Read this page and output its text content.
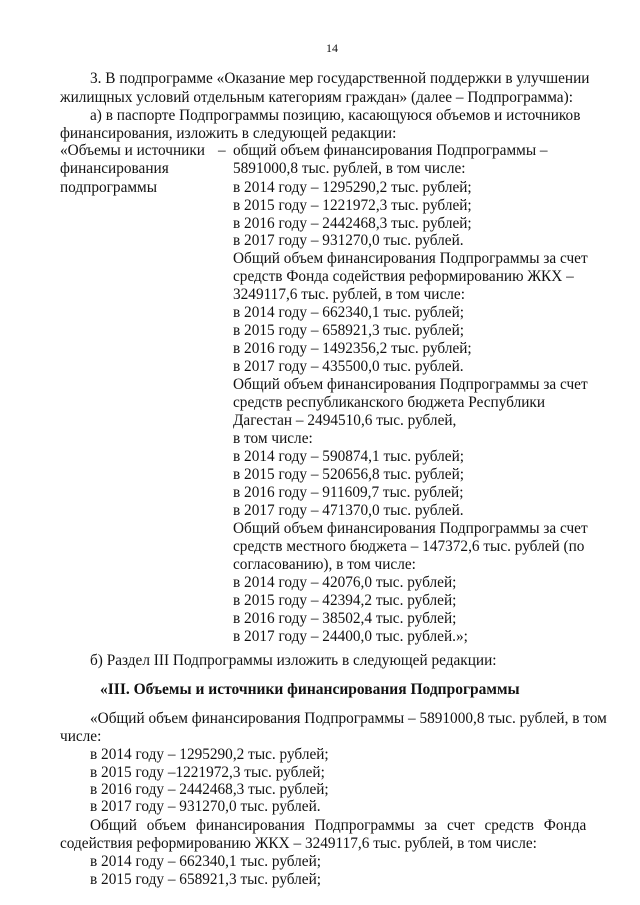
14
3. В подпрограмме «Оказание мер государственной поддержки в улучшении
жилищных условий отдельным категориям граждан» (далее – Подпрограмма):
а) в паспорте Подпрограммы позицию, касающуюся объемов и источников
финансирования, изложить в следующей редакции:
«Объемы и источники
финансирования
подпрограммы
– общий объем финансирования Подпрограммы –
5891000,8 тыс. рублей, в том числе:
в 2014 году – 1295290,2 тыс. рублей;
в 2015 году – 1221972,3 тыс. рублей;
в 2016 году – 2442468,3 тыс. рублей;
в 2017 году – 931270,0 тыс. рублей.
Общий объем финансирования Подпрограммы за счет
средств Фонда содействия реформированию ЖКХ –
3249117,6 тыс. рублей, в том числе:
в 2014 году – 662340,1 тыс. рублей;
в 2015 году – 658921,3 тыс. рублей;
в 2016 году – 1492356,2 тыс. рублей;
в 2017 году – 435500,0 тыс. рублей.
Общий объем финансирования Подпрограммы за счет
средств республиканского бюджета Республики
Дагестан – 2494510,6 тыс. рублей,
в том числе:
в 2014 году – 590874,1 тыс. рублей;
в 2015 году – 520656,8 тыс. рублей;
в 2016 году – 911609,7 тыс. рублей;
в 2017 году – 471370,0 тыс. рублей.
Общий объем финансирования Подпрограммы за счет
средств местного бюджета – 147372,6 тыс. рублей (по
согласованию), в том числе:
в 2014 году – 42076,0 тыс. рублей;
в 2015 году – 42394,2 тыс. рублей;
в 2016 году – 38502,4 тыс. рублей;
в 2017 году – 24400,0 тыс. рублей.»;
б) Раздел III Подпрограммы изложить в следующей редакции:
«III. Объемы и источники финансирования Подпрограммы
«Общий объем финансирования Подпрограммы – 5891000,8 тыс. рублей, в том
числе:
в 2014 году – 1295290,2 тыс. рублей;
в 2015 году –1221972,3 тыс. рублей;
в 2016 году – 2442468,3 тыс. рублей;
в 2017 году – 931270,0 тыс. рублей.
Общий объем финансирования Подпрограммы за счет средств Фонда
содействия реформированию ЖКХ – 3249117,6 тыс. рублей, в том числе:
в 2014 году – 662340,1 тыс. рублей;
в 2015 году – 658921,3 тыс. рублей;
